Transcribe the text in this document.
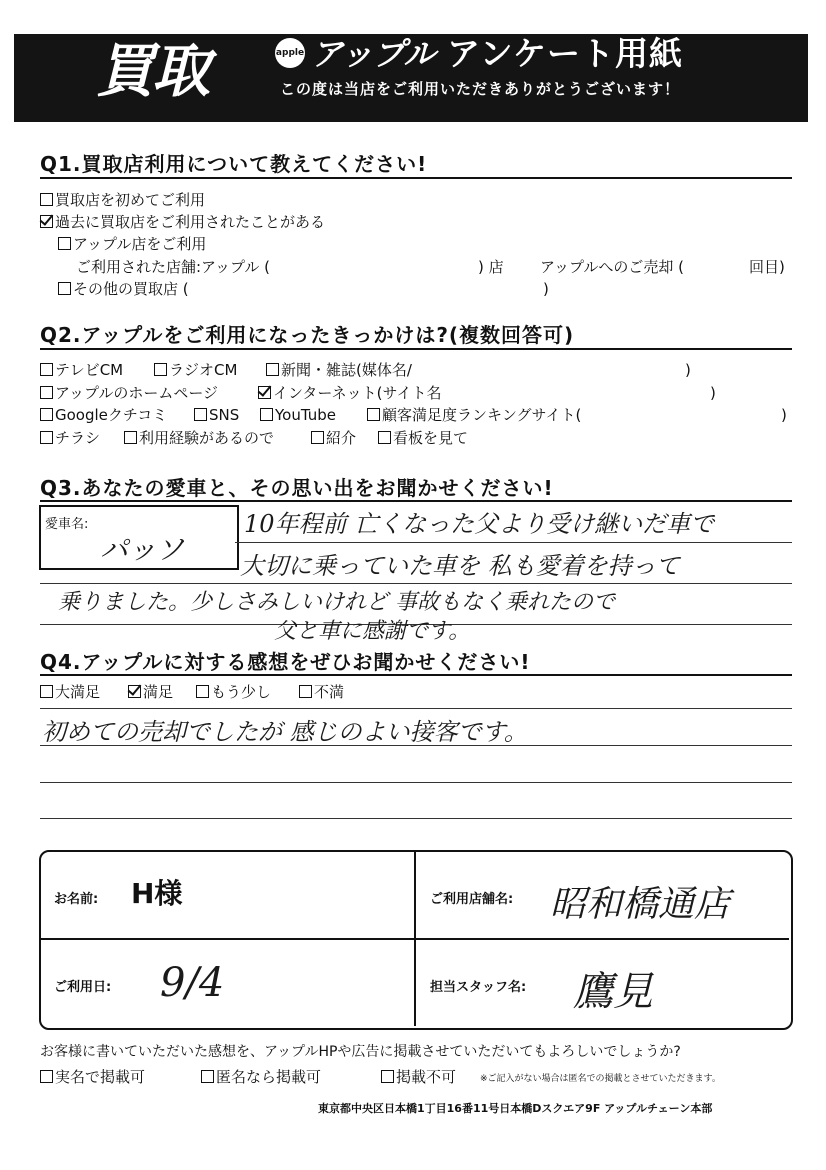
買取	apple アップル アンケート用紙
この度は当店をご利用いただきありがとうございます！
Q1.買取店利用について教えてください!
買取店を初めてご利用
過去に買取店をご利用されたことがある
アップル店をご利用
ご利用された店舗:アップル (	) 店 アップルへのご売却 (	回目)
その他の買取店 (	)
Q2.アップルをご利用になったきっかけは?(複数回答可)
テレビCM	ラジオCM	新聞・雑誌(媒体名/	)
アップルのホームページ	インターネット(サイト名	)
Googleクチコミ	SNS	YouTube	顧客満足度ランキングサイト(	)
チラシ	利用経験があるので	紹介	看板を見て
Q3.あなたの愛車と、その思い出をお聞かせください!
愛車名:
パッソ
10年程前 亡くなった父より受け継いだ車で
大切に乗っていた車を 私も愛着を持って
乗りました。少しさみしいけれど 事故もなく乗れたので
父と車に感謝です。
Q4.アップルに対する感想をぜひお聞かせください!
大満足	満足	もう少し	不満
初めての売却でしたが 感じのよい接客です。
お名前: H様	ご利用店舗名: 昭和橋通店
ご利用日: 9/4	担当スタッフ名: 鷹見
お客様に書いていただいた感想を、アップルHPや広告に掲載させていただいてもよろしいでしょうか?
実名で掲載可	匿名なら掲載可	掲載不可	※ご記入がない場合は匿名での掲載とさせていただきます。
東京都中央区日本橋1丁目16番11号日本橋Dスクエア9F アップルチェーン本部
